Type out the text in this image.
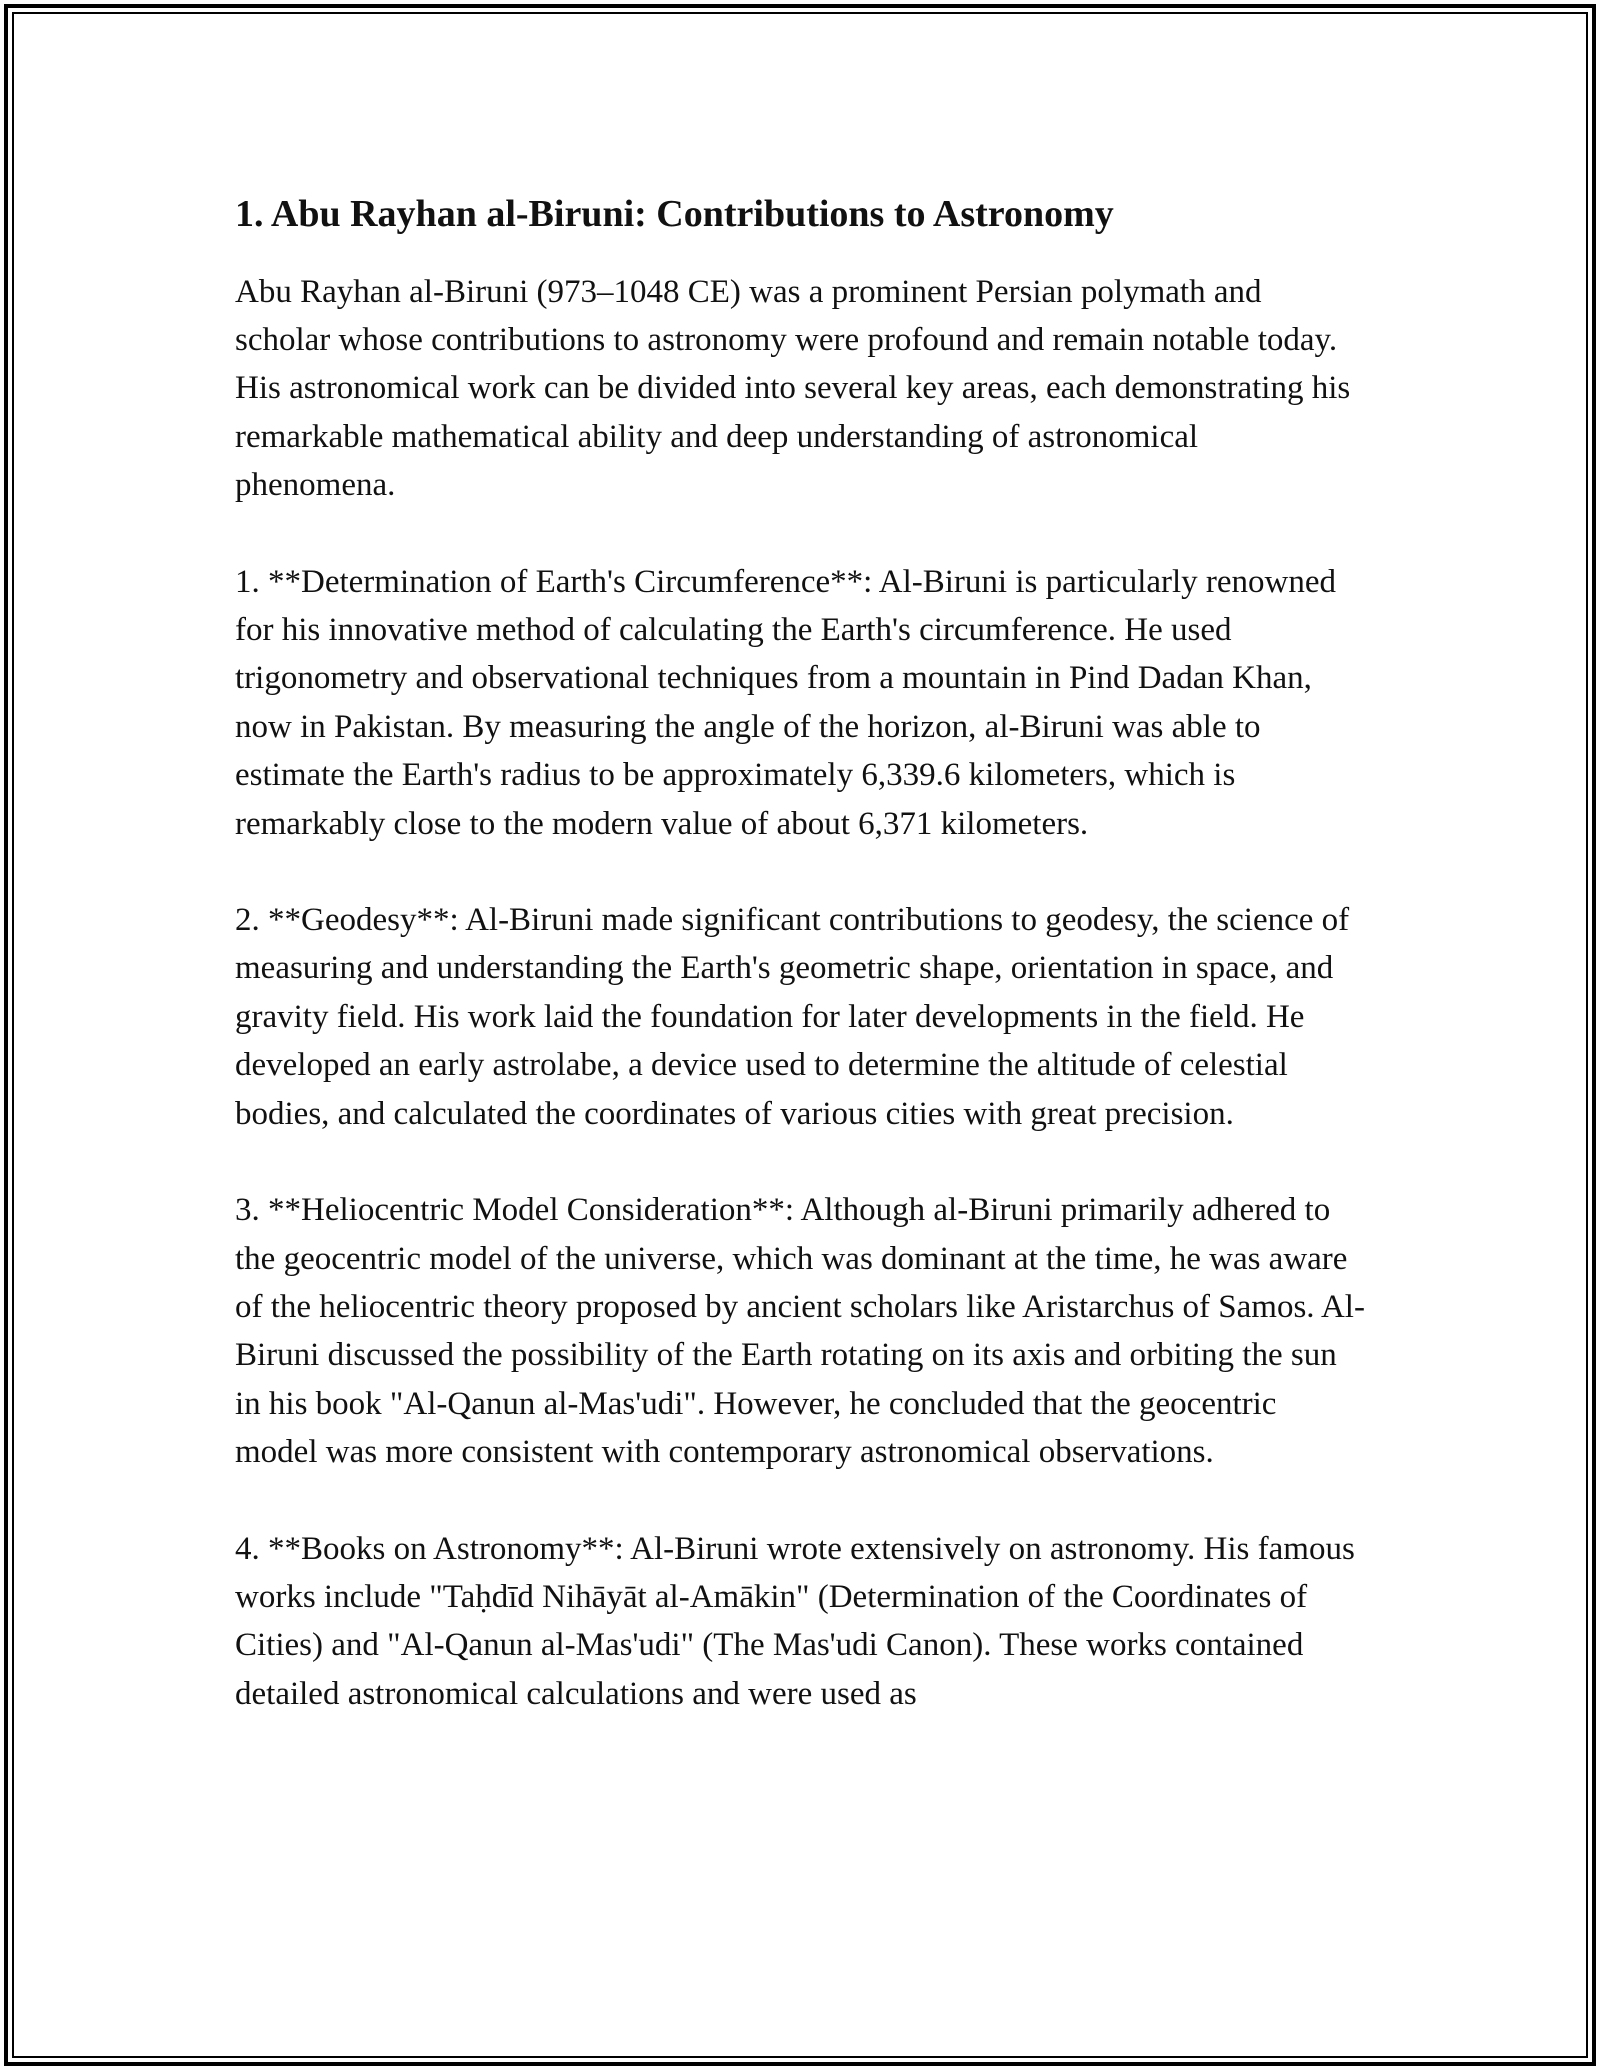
1. Abu Rayhan al-Biruni: Contributions to Astronomy

Abu Rayhan al-Biruni (973–1048 CE) was a prominent Persian polymath and scholar whose contributions to astronomy were profound and remain notable today. His astronomical work can be divided into several key areas, each demonstrating his remarkable mathematical ability and deep understanding of astronomical phenomena.

1. **Determination of Earth's Circumference**: Al-Biruni is particularly renowned for his innovative method of calculating the Earth's circumference. He used trigonometry and observational techniques from a mountain in Pind Dadan Khan, now in Pakistan. By measuring the angle of the horizon, al-Biruni was able to estimate the Earth's radius to be approximately 6,339.6 kilometers, which is remarkably close to the modern value of about 6,371 kilometers.

2. **Geodesy**: Al-Biruni made significant contributions to geodesy, the science of measuring and understanding the Earth's geometric shape, orientation in space, and gravity field. His work laid the foundation for later developments in the field. He developed an early astrolabe, a device used to determine the altitude of celestial bodies, and calculated the coordinates of various cities with great precision.

3. **Heliocentric Model Consideration**: Although al-Biruni primarily adhered to the geocentric model of the universe, which was dominant at the time, he was aware of the heliocentric theory proposed by ancient scholars like Aristarchus of Samos. Al-Biruni discussed the possibility of the Earth rotating on its axis and orbiting the sun in his book "Al-Qanun al-Mas'udi". However, he concluded that the geocentric model was more consistent with contemporary astronomical observations.

4. **Books on Astronomy**: Al-Biruni wrote extensively on astronomy. His famous works include "Taḥdīd Nihāyāt al-Amākin" (Determination of the Coordinates of Cities) and "Al-Qanun al-Mas'udi" (The Mas'udi Canon). These works contained detailed astronomical calculations and were used as
